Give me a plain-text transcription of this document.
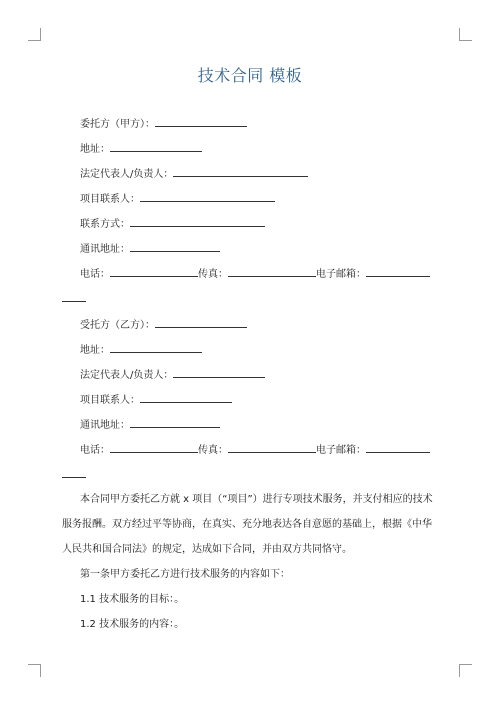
技术合同 模板
委托方（甲方）：
地址：
法定代表人/负责人：
项目联系人：
联系方式：
通讯地址：
电话：	传真：	电子邮箱：
受托方（乙方）：
地址：
法定代表人/负责人：
项目联系人：
通讯地址：
电话：	传真：	电子邮箱：
本合同甲方委托乙方就 x 项目（“项目”）进行专项技术服务，并支付相应的技术
服务报酬。双方经过平等协商，在真实、充分地表达各自意愿的基础上，根据《中华
人民共和国合同法》的规定，达成如下合同，并由双方共同恪守。
第一条甲方委托乙方进行技术服务的内容如下：
1.1 技术服务的目标：。
1.2 技术服务的内容：。
